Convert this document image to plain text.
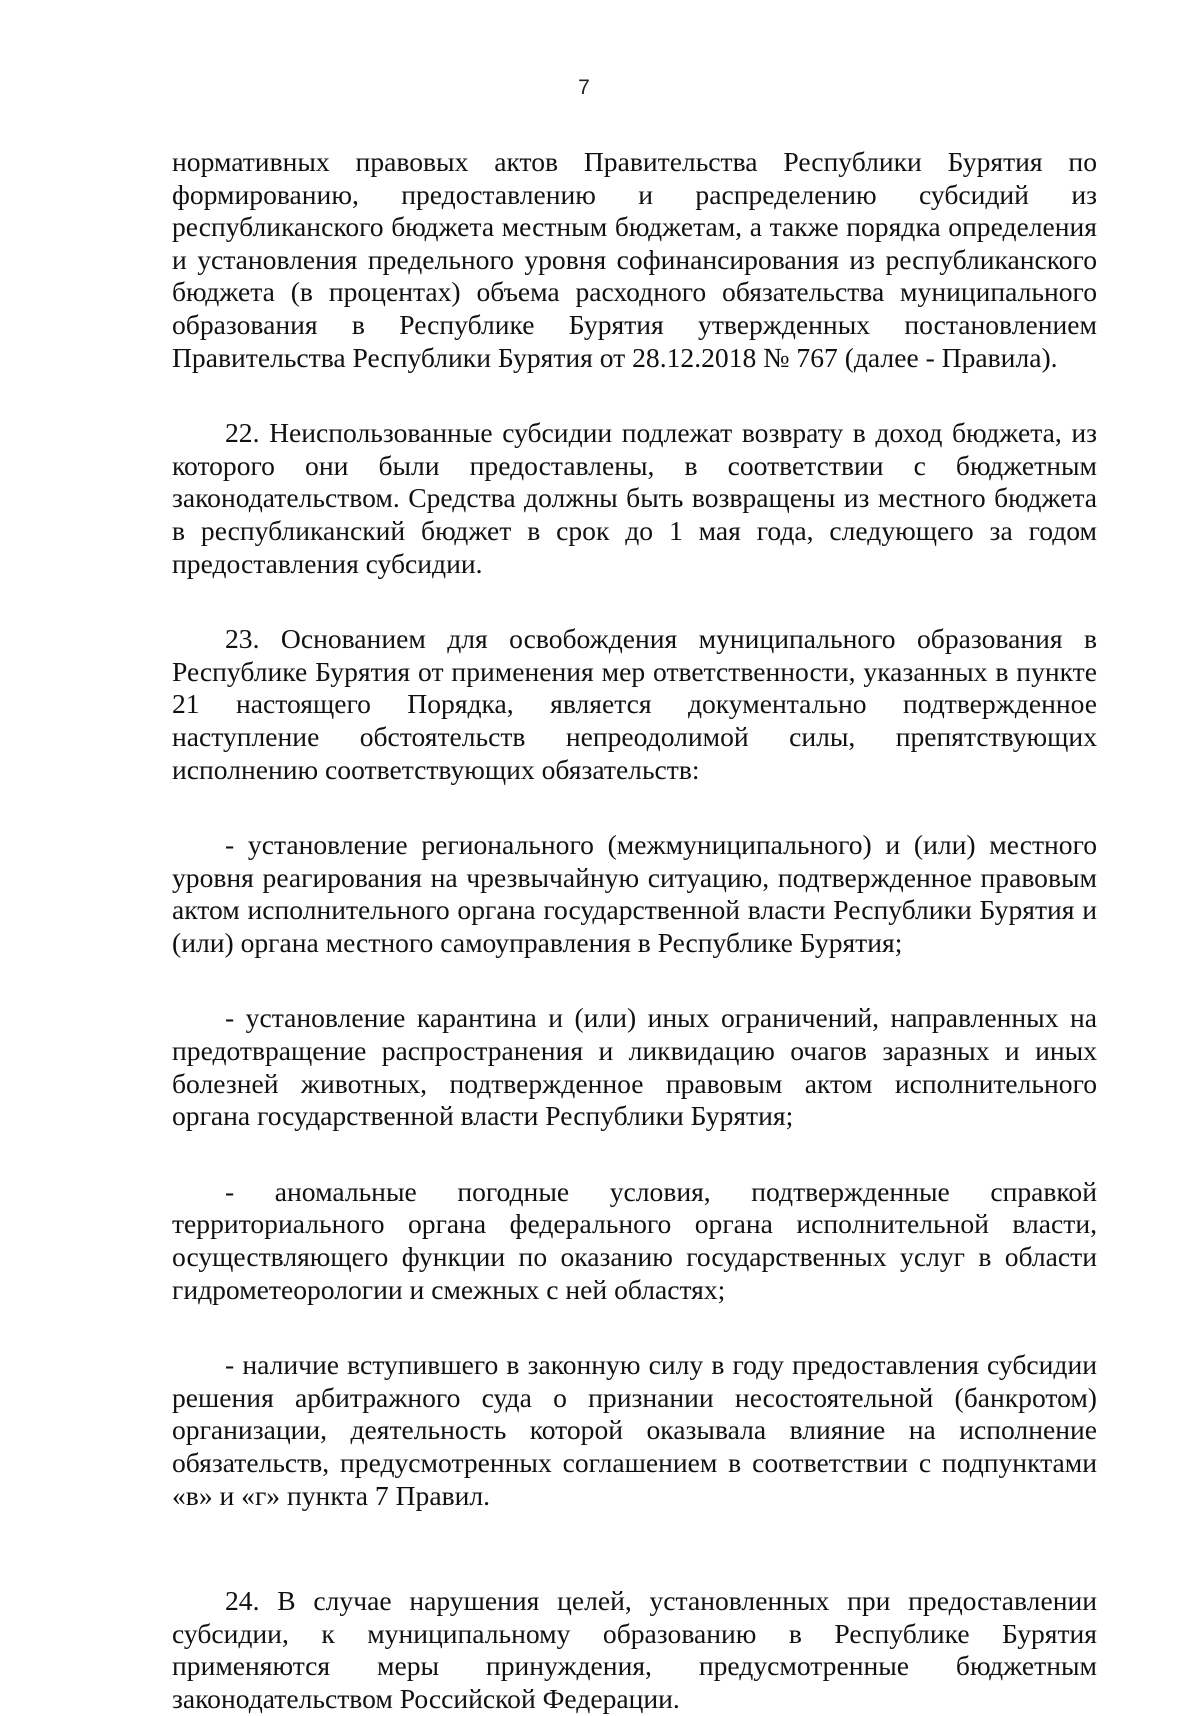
7

нормативных правовых актов Правительства Республики Бурятия по формированию, предоставлению и распределению субсидий из республиканского бюджета местным бюджетам, а также порядка определения и установления предельного уровня софинансирования из республиканского бюджета (в процентах) объема расходного обязательства муниципального образования в Республике Бурятия утвержденных постановлением Правительства Республики Бурятия от 28.12.2018 № 767 (далее - Правила).

22. Неиспользованные субсидии подлежат возврату в доход бюджета, из которого они были предоставлены, в соответствии с бюджетным законодательством. Средства должны быть возвращены из местного бюджета в республиканский бюджет в срок до 1 мая года, следующего за годом предоставления субсидии.

23. Основанием для освобождения муниципального образования в Республике Бурятия от применения мер ответственности, указанных в пункте 21 настоящего Порядка, является документально подтвержденное наступление обстоятельств непреодолимой силы, препятствующих исполнению соответствующих обязательств:

- установление регионального (межмуниципального) и (или) местного уровня реагирования на чрезвычайную ситуацию, подтвержденное правовым актом исполнительного органа государственной власти Республики Бурятия и (или) органа местного самоуправления в Республике Бурятия;

- установление карантина и (или) иных ограничений, направленных на предотвращение распространения и ликвидацию очагов заразных и иных болезней животных, подтвержденное правовым актом исполнительного органа государственной власти Республики Бурятия;

- аномальные погодные условия, подтвержденные справкой территориального органа федерального органа исполнительной власти, осуществляющего функции по оказанию государственных услуг в области гидрометеорологии и смежных с ней областях;

- наличие вступившего в законную силу в году предоставления субсидии решения арбитражного суда о признании несостоятельной (банкротом) организации, деятельность которой оказывала влияние на исполнение обязательств, предусмотренных соглашением в соответствии с подпунктами «в» и «г» пункта 7 Правил.

24. В случае нарушения целей, установленных при предоставлении субсидии, к муниципальному образованию в Республике Бурятия применяются меры принуждения, предусмотренные бюджетным законодательством Российской Федерации.
